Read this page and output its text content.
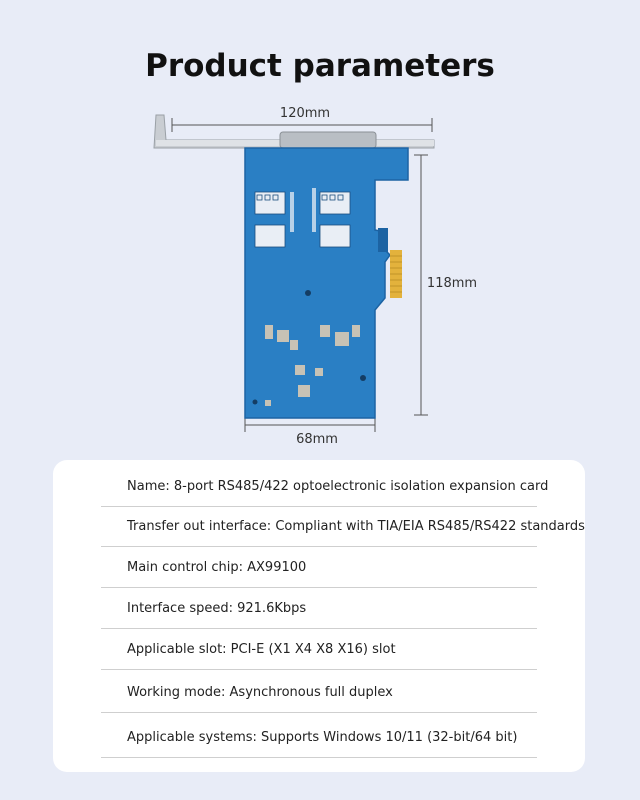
Product parameters
120mm
118mm
68mm
Name: 8-port RS485/422 optoelectronic isolation expansion card
Transfer out interface: Compliant with TIA/EIA RS485/RS422 standards
Main control chip: AX99100
Interface speed: 921.6Kbps
Applicable slot: PCI-E (X1 X4 X8 X16) slot
Working mode: Asynchronous full duplex
Applicable systems: Supports Windows 10/11 (32-bit/64 bit)
